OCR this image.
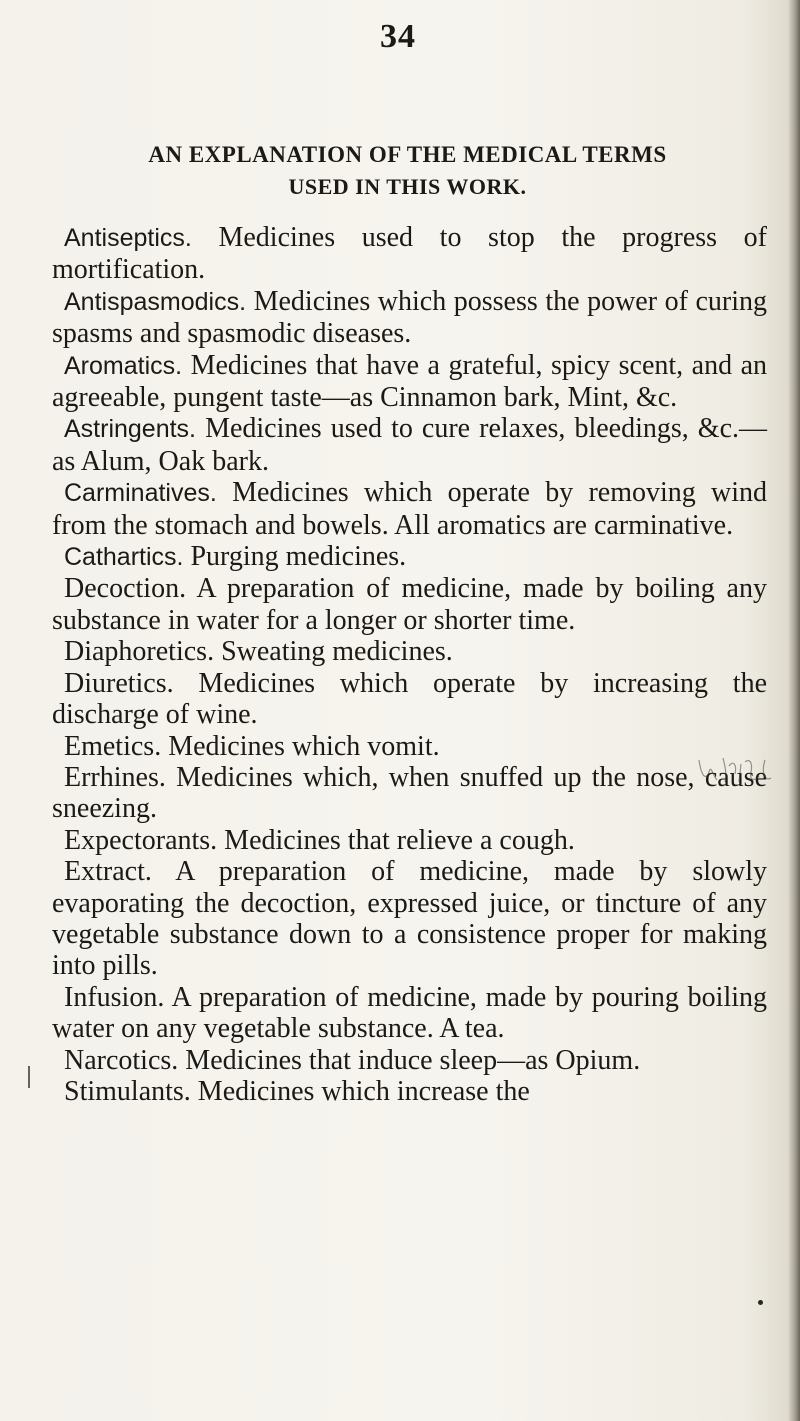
34
AN EXPLANATION OF THE MEDICAL TERMS
USED IN THIS WORK.

Antiseptics. Medicines used to stop the progress of mortification.

Antispasmodics. Medicines which possess the power of curing spasms and spasmodic diseases.

Aromatics. Medicines that have a grateful, spicy scent, and an agreeable, pungent taste—as Cinnamon bark, Mint, &c.

Astringents. Medicines used to cure relaxes, bleedings, &c.—as Alum, Oak bark.

Carminatives. Medicines which operate by removing wind from the stomach and bowels. All aromatics are carminative.

Cathartics. Purging medicines.

Decoction. A preparation of medicine, made by boiling any substance in water for a longer or shorter time.

Diaphoretics. Sweating medicines.

Diuretics. Medicines which operate by increasing the discharge of wine.

Emetics. Medicines which vomit.

Errhines. Medicines which, when snuffed up the nose, cause sneezing.

Expectorants. Medicines that relieve a cough.

Extract. A preparation of medicine, made by slowly evaporating the decoction, expressed juice, or tincture of any vegetable substance down to a consistence proper for making into pills.

Infusion. A preparation of medicine, made by pouring boiling water on any vegetable substance. A tea.

Narcotics. Medicines that induce sleep—as Opium.

Stimulants. Medicines which increase the
